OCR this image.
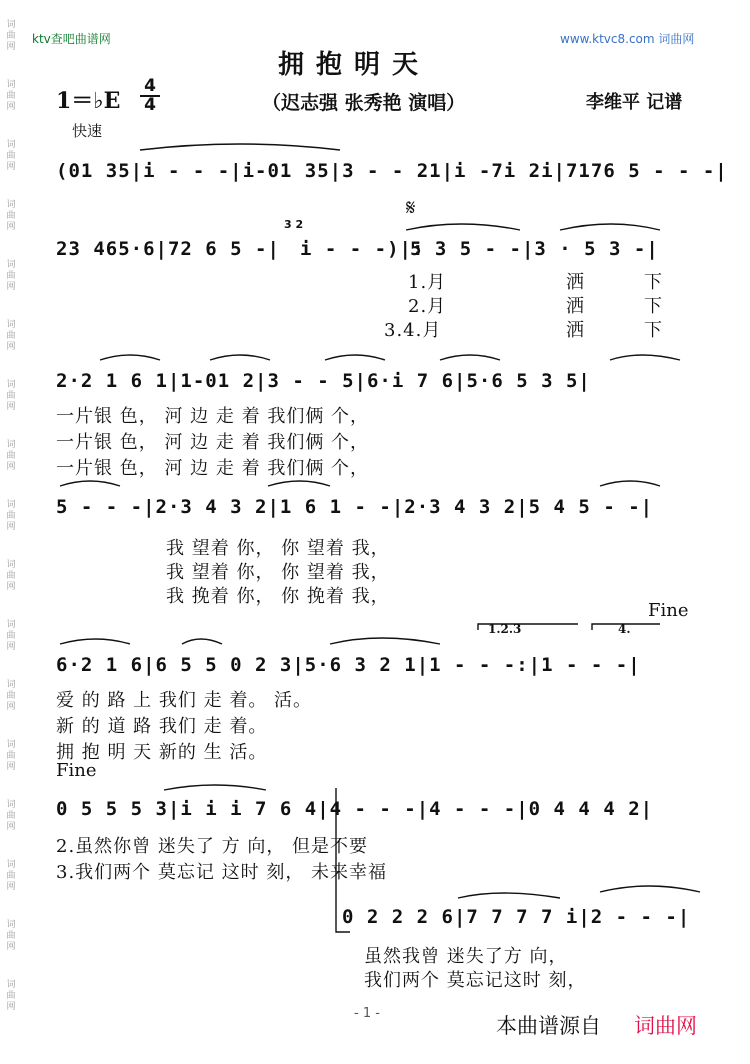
词曲网
词曲网
词曲网
词曲网
词曲网
词曲网
词曲网
词曲网
词曲网
词曲网
词曲网
词曲网
词曲网
词曲网
词曲网
词曲网
词曲网
ktv查吧曲谱网	www.ktvc8.com 词曲网
拥抱明天
1＝♭E $\frac{4}{4}$	（迟志强 张秀艳 演唱）	李维平 记谱
快速
(01 35|i - - -|i-01 35|3 - - 21|i -7i 2i|7176 5 - - -|
23 465·6|72 6 5 -|
3 2
i - - -)|:
𝄋
5 3 5 - -|3 · 5 3 -|
1.月
2.月
3.4.月
洒	下
洒	下
洒	下
2·2 1 6 1|1-01 2|3 - - 5|6·i 7 6|5·6 5 3 5|
一片银 色， 河 边 走 着 我们俩 个，
一片银 色， 河 边 走 着 我们俩 个，
一片银 色， 河 边 走 着 我们俩 个，
5 - - -|2·3 4 3 2|1 6 1 - -|2·3 4 3 2|5 4 5 - -|
我 望着 你， 你 望着 我，
我 望着 你， 你 望着 我，
我 挽着 你， 你 挽着 我，
Fine
1.2.3	4.
6·2 1 6|6 5 5 0 2 3|5·6 3 2 1|1 - - -:|1 - - -|
爱 的 路 上 我们 走 着。 活。
新 的 道 路 我们 走 着。
拥 抱 明 天 新的 生 活。
Fine
0 5 5 5 3|i i i 7 6 4|4 - - -|4 - - -|0 4 4 4 2|
2.虽然你曾 迷失了 方 向， 但是不要
3.我们两个 莫忘记 这时 刻， 未来幸福
0 2 2 2 6|7 7 7 7 i|2 - - -|
虽然我曾 迷失了方 向，
我们两个 莫忘记这时 刻，
- 1 -
本曲谱源自 词曲网
